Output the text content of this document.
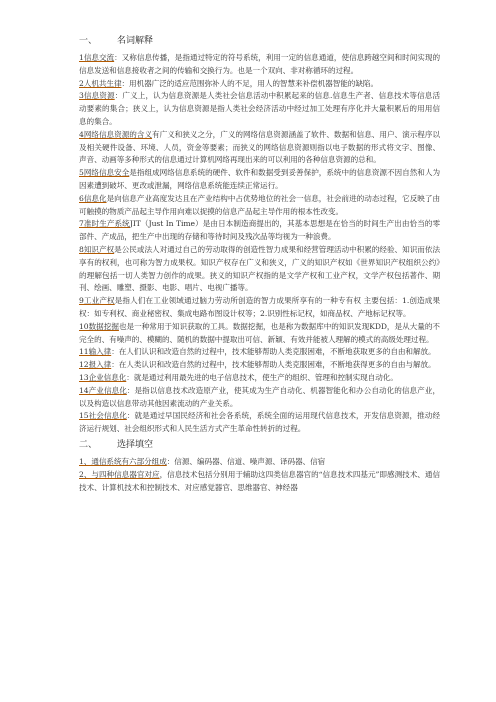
一、 名词解释

1信息交流：又称信息传播，是指通过特定的符号系统，利用一定的信息通道，使信息跨越空间和时间实现的信息发送和信息接收者之间的传输和交换行为。也是一个双向、非对称循环的过程。

2人机共生律：用机器广泛的适应范围弥补人的不足，用人的智慧来补偿机器智能的缺陷。

3信息资源：广义上，认为信息资源是人类社会信息活动中积累起来的信息.信息生产者、信息技术等信息活动要素的集合；狭义上，认为信息资源是指人类社会经济活动中经过加工处理有序化并大量积累后的用用信息的集合。

4网络信息资源的含义有广义和狭义之分，广义的网络信息资源涵盖了软件、数据和信息、用户、演示程序以及相关硬件设备、环境、人员，资金等要素；而狭义的网络信息资源则指以电子数据的形式将文字、图像、声音、动画等多种形式的信息通过计算机网络再现出来的可以利用的各种信息资源的总和。

5网络信息安全是指组成网络信息系统的硬件、软件和数据受到妥善保护，系统中的信息资源不因自然和人为因素遭到破坏、更改或泄漏，网络信息系统能连续正常运行。

6信息化是向信息产业高度发达且在产业结构中占优势地位的社会一信息，社会前进的动态过程，它反映了由可触摸的物质产品起主导作用向难以捉摸的信息产品起主导作用的根本性改变。

7准时生产系统JIT（Just In Time）是由日本制造商提出的，其基本思想是在恰当的时间生产出由恰当的零部件、产成品，把生产中出现的存储和等待时间及残次品等均视为一种浪费。

8知识产权是公民或法人对通过自己的劳动取得的创造性智力成果和经营管理活动中积累的经验、知识而依法享有的权利，也可称为智力成果权。知识产权存在广义和狭义，广义的知识产权如《世界知识产权组织公约》的理解包括一切人类智力创作的成果。狭义的知识产权指的是文学产权和工业产权，文学产权包括著作、期刊、绘画、雕塑、摄影、电影、唱片、电视广播等。

9工业产权是指人们在工业领域通过脑力劳动所创造的智力成果所享有的一种专有权 主要包括：1.创造成果权：如专利权、商业秘密权、集成电路布图设计权等；2.识别性标记权，如商品权、产地标记权等。

10数据挖掘也是一种常用于知识获取的工具。数据挖掘，也是称为数据库中的知识发现KDD，是从大量的不完全的、有噪声的、模糊的、随机的数据中提取出可信、新颖、有效并能被人理解的模式的高级处理过程。

11输入律：在人们认识和改造自然的过程中，技术能够帮助人类克服困难，不断地获取更多的自由和解放。

12报入律：在人类认识和改造自然的过程中，技术能够帮助人类克服困难，不断地获得更多的自由与解放。

13企业信息化：就是通过利用最先进的电子信息技术，使生产的组织、管理和控制实现自动化。

14产业信息化：是指以信息技术改造原产业，使其成为生产自动化、机器智能化和办公自动化的信息产业，以及构造以信息带动其他因素流动的产业关系。

15社会信息化：就是通过早国民经济和社会各系统，系统全面的运用现代信息技术，开发信息资源，推动经济运行规划、社会组织形式和人民生活方式产生革命性转折的过程。

二、 选择填空

1、通信系统有六部分组成：信源、编码器、信道、噪声源、译码器、信宿

2、与四种信息器官对应，信息技术包括分别用于辅助这四类信息器官的“信息技术四基元”即感测技术、通信技术、计算机技术和控制技术、对应感觉器官、思维器官、神经器
